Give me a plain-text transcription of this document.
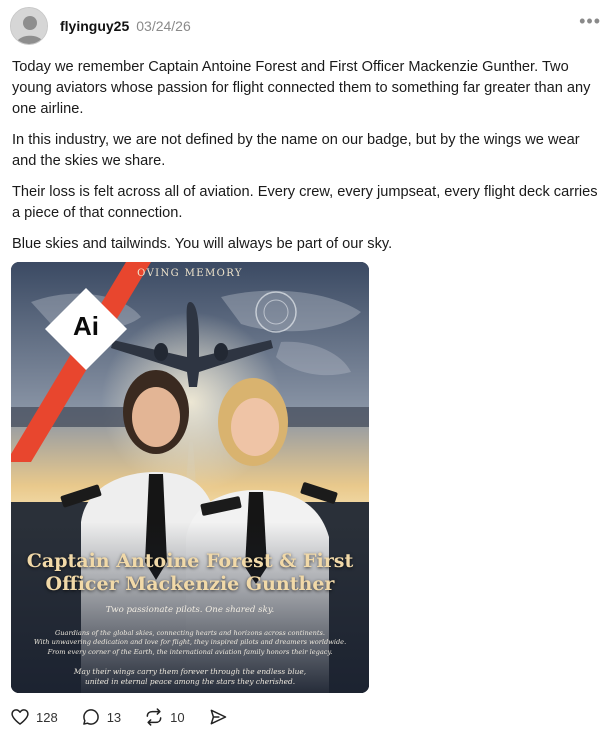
flyinguy25 03/24/26	•••

Today we remember Captain Antoine Forest and First Officer Mackenzie Gunther. Two young aviators whose passion for flight connected them to something far greater than any one airline.

In this industry, we are not defined by the name on our badge, but by the wings we wear and the skies we share.

Their loss is felt across all of aviation. Every crew, every jumpseat, every flight deck carries a piece of that connection.

Blue skies and tailwinds. You will always be part of our sky.

Ai
OVING MEMORY
Captain Antoine Forest & First
Officer Mackenzie Gunther
Two passionate pilots. One shared sky.
Guardians of the global skies, connecting hearts and horizons across continents.
With unwavering dedication and love for flight, they inspired pilots and dreamers worldwide.
From every corner of the Earth, the international aviation family honors their legacy.
May their wings carry them forever through the endless blue,
united in eternal peace among the stars they cherished.
128	13	10
